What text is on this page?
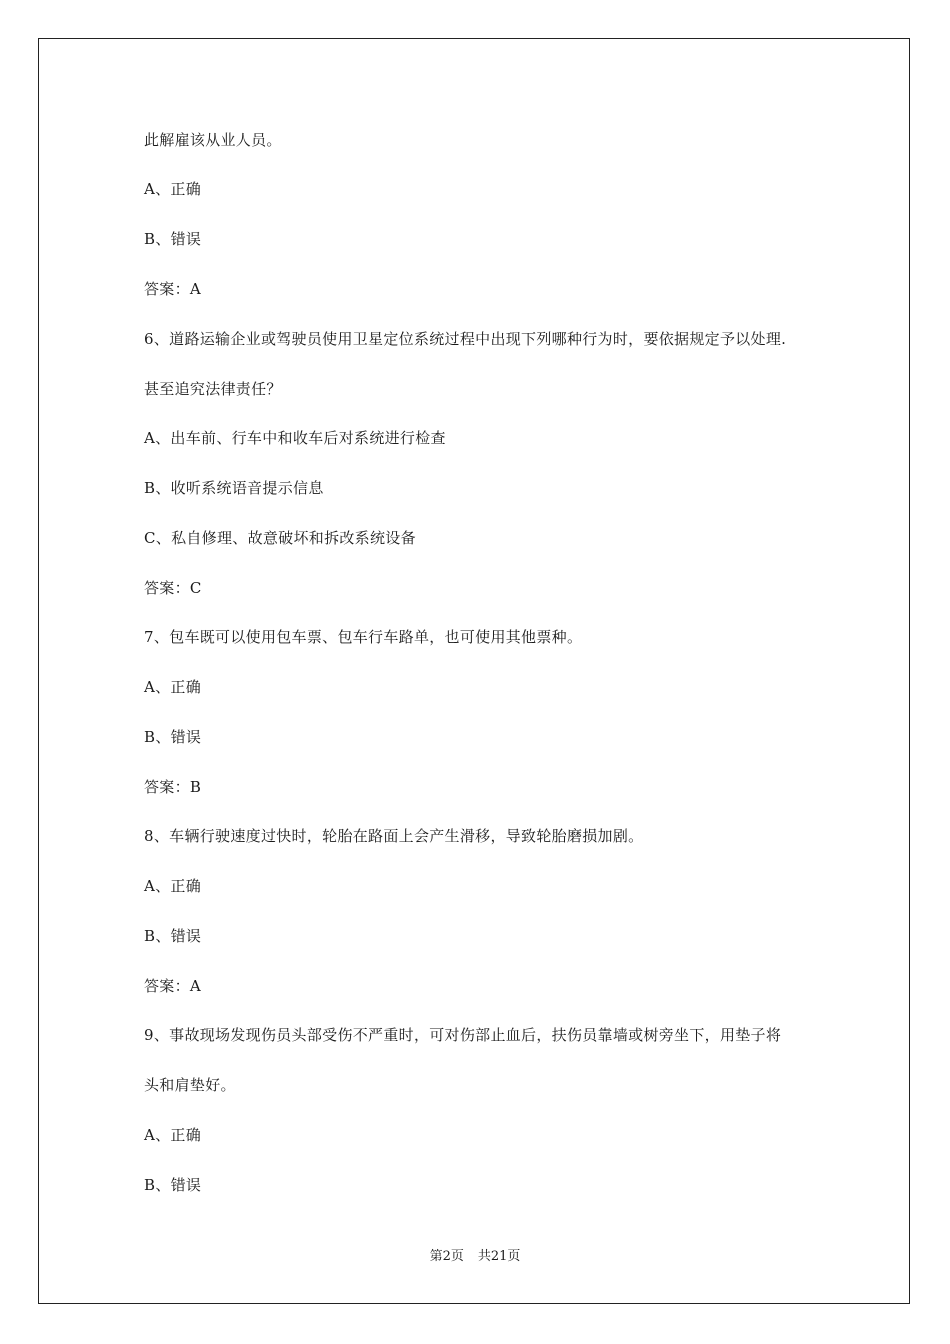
此解雇该从业人员。
A、正确
B、错误
答案：A
6、道路运输企业或驾驶员使用卫星定位系统过程中出现下列哪种行为时，要依据规定予以处理.
甚至追究法律责任？
A、出车前、行车中和收车后对系统进行检查
B、收听系统语音提示信息
C、私自修理、故意破坏和拆改系统设备
答案：C
7、包车既可以使用包车票、包车行车路单，也可使用其他票种。
A、正确
B、错误
答案：B
8、车辆行驶速度过快时，轮胎在路面上会产生滑移，导致轮胎磨损加剧。
A、正确
B、错误
答案：A
9、事故现场发现伤员头部受伤不严重时，可对伤部止血后，扶伤员靠墙或树旁坐下，用垫子将
头和肩垫好。
A、正确
B、错误
第2页 共21页
